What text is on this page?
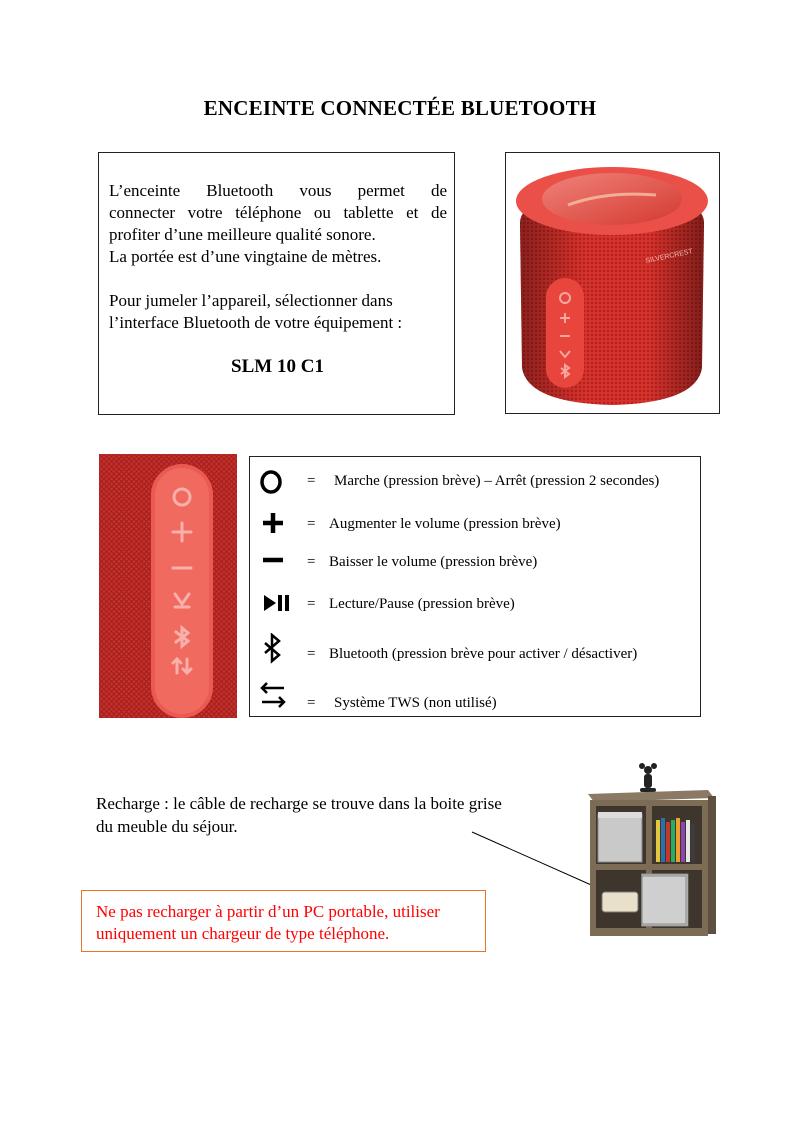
ENCEINTE CONNECTÉE BLUETOOTH
L’enceinte Bluetooth vous permet de
connecter votre téléphone ou tablette et de
profiter d’une meilleure qualité sonore.
La portée est d’une vingtaine de mètres.
Pour jumeler l’appareil, sélectionner dans
l’interface Bluetooth de votre équipement :
SLM 10 C1
SILVERCREST
= Marche (pression brève) – Arrêt (pression 2 secondes)
= Augmenter le volume (pression brève)
= Baisser le volume (pression brève)
= Lecture/Pause (pression brève)
= Bluetooth (pression brève pour activer / désactiver)
= Système TWS (non utilisé)
Recharge : le câble de recharge se trouve dans la boite grise
du meuble du séjour.
Ne pas recharger à partir d’un PC portable, utiliser
uniquement un chargeur de type téléphone.
